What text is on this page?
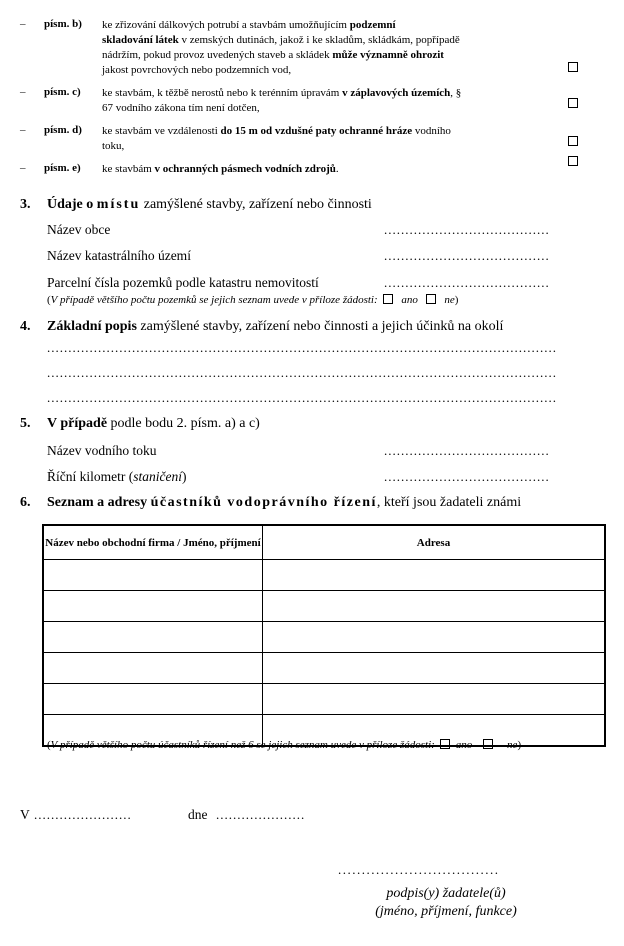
– písm. b) ke zřizování dálkových potrubí a stavbám umožňujícím podzemní
skladování látek v zemských dutinách, jakož i ke skladům, skládkám, popřípadě nádržím, pokud provoz uvedených staveb a skládek může významně ohrozit jakost povrchových nebo podzemních vod,
– písm. c) ke stavbám, k těžbě nerostů nebo k terénním úpravám v záplavových územích, § 67 vodního zákona tím není dotčen,
– písm. d) ke stavbám ve vzdálenosti do 15 m od vzdušné paty ochranné hráze vodního toku,
– písm. e) ke stavbám v ochranných pásmech vodních zdrojů.
3. Údaje o místu zamýšlené stavby, zařízení nebo činnosti
Název obce	.......................................
Název katastrálního území	.......................................
Parcelní čísla pozemků podle katastru nemovitostí	.......................................
(V případě většího počtu pozemků se jejich seznam uvede v příloze žádosti: ano ne)
4. Základní popis zamýšlené stavby, zařízení nebo činnosti a jejich účinků na okolí
........................................................................................................................
........................................................................................................................
........................................................................................................................
5. V případě podle bodu 2. písm. a) a c)
Název vodního toku	.......................................
Říční kilometr (staničení)	.......................................
6. Seznam a adresy účastníků vodoprávního řízení, kteří jsou žadateli známi
Název nebo obchodní firma / Jméno, příjmení	Adresa

(V případě většího počtu účastníků řízení než 6 se jejich seznam uvede v příloze žádosti: ano	ne)
V .......................	dne .....................
..................................
podpis(y) žadatele(ů)
(jméno, příjmení, funkce)
